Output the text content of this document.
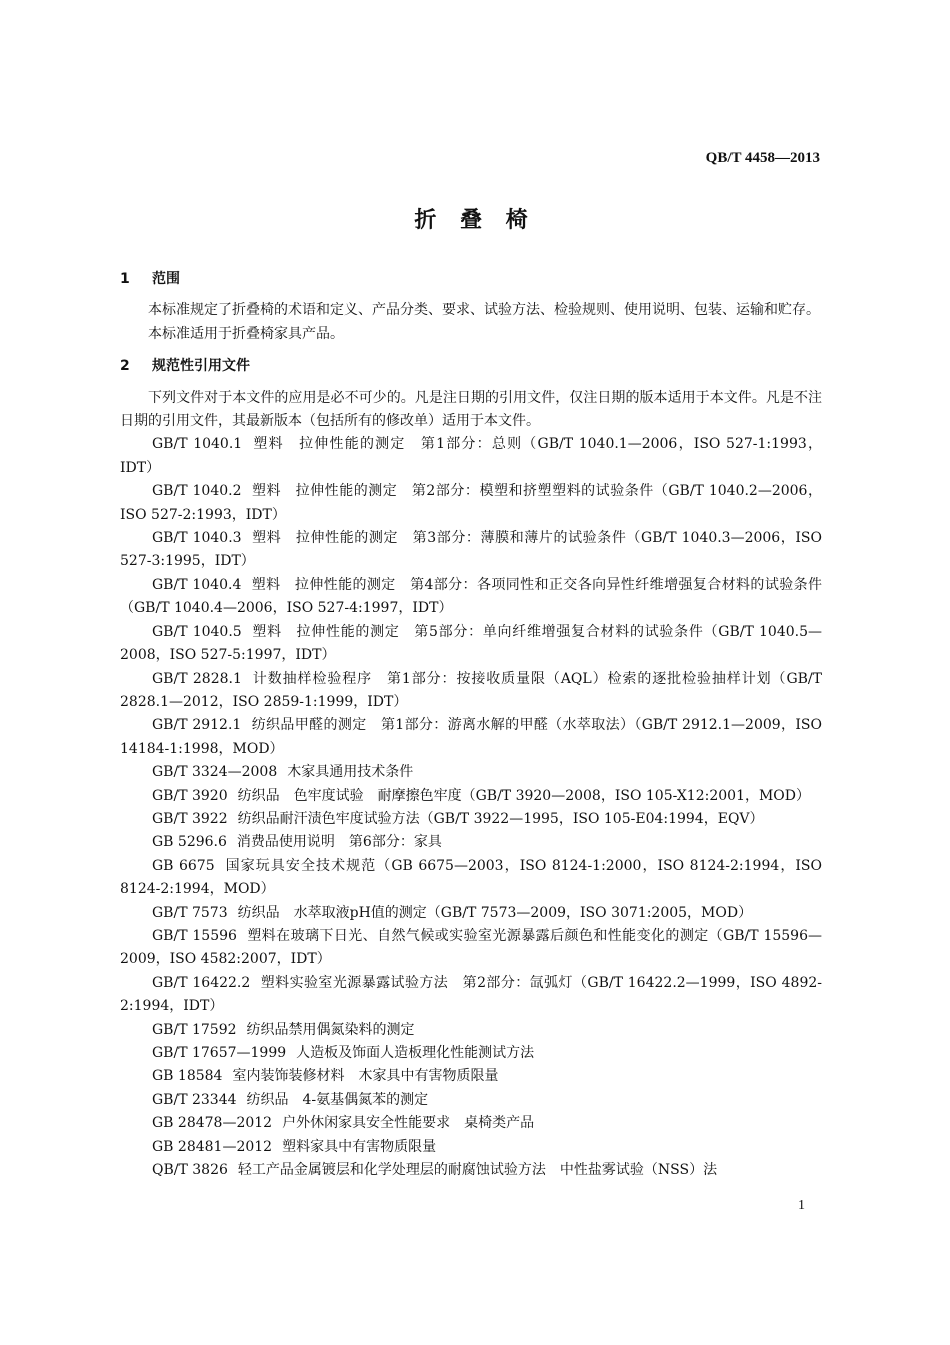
QB/T 4458—2013
折 叠 椅
1 范围

本标准规定了折叠椅的术语和定义、产品分类、要求、试验方法、检验规则、使用说明、包装、运输和贮存。

本标准适用于折叠椅家具产品。

2 规范性引用文件

下列文件对于本文件的应用是必不可少的。凡是注日期的引用文件，仅注日期的版本适用于本文件。凡是不注日期的引用文件，其最新版本（包括所有的修改单）适用于本文件。

GB/T 1040.1 塑料　拉伸性能的测定　第1部分：总则（GB/T 1040.1—2006，ISO 527-1:1993，IDT）
GB/T 1040.2 塑料　拉伸性能的测定　第2部分：模塑和挤塑塑料的试验条件（GB/T 1040.2—2006，ISO 527-2:1993，IDT）
GB/T 1040.3 塑料　拉伸性能的测定　第3部分：薄膜和薄片的试验条件（GB/T 1040.3—2006，ISO 527-3:1995，IDT）
GB/T 1040.4 塑料　拉伸性能的测定　第4部分：各项同性和正交各向异性纤维增强复合材料的试验条件（GB/T 1040.4—2006，ISO 527-4:1997，IDT）
GB/T 1040.5 塑料　拉伸性能的测定　第5部分：单向纤维增强复合材料的试验条件（GB/T 1040.5—2008，ISO 527-5:1997，IDT）
GB/T 2828.1 计数抽样检验程序　第1部分：按接收质量限（AQL）检索的逐批检验抽样计划（GB/T 2828.1—2012，ISO 2859-1:1999，IDT）
GB/T 2912.1 纺织品甲醛的测定　第1部分：游离水解的甲醛（水萃取法）（GB/T 2912.1—2009，ISO 14184-1:1998，MOD）
GB/T 3324—2008 木家具通用技术条件
GB/T 3920 纺织品　色牢度试验　耐摩擦色牢度（GB/T 3920—2008，ISO 105-X12:2001，MOD）
GB/T 3922 纺织品耐汗渍色牢度试验方法（GB/T 3922—1995，ISO 105-E04:1994，EQV）
GB 5296.6 消费品使用说明　第6部分：家具
GB 6675 国家玩具安全技术规范（GB 6675—2003，ISO 8124-1:2000，ISO 8124-2:1994，ISO 8124-2:1994，MOD）
GB/T 7573 纺织品　水萃取液pH值的测定（GB/T 7573—2009，ISO 3071:2005，MOD）
GB/T 15596 塑料在玻璃下日光、自然气候或实验室光源暴露后颜色和性能变化的测定（GB/T 15596—2009，ISO 4582:2007，IDT）
GB/T 16422.2 塑料实验室光源暴露试验方法　第2部分：氙弧灯（GB/T 16422.2—1999，ISO 4892-2:1994，IDT）
GB/T 17592 纺织品禁用偶氮染料的测定
GB/T 17657—1999 人造板及饰面人造板理化性能测试方法
GB 18584 室内装饰装修材料　木家具中有害物质限量
GB/T 23344 纺织品　4-氨基偶氮苯的测定
GB 28478—2012 户外休闲家具安全性能要求　桌椅类产品
GB 28481—2012 塑料家具中有害物质限量
QB/T 3826 轻工产品金属镀层和化学处理层的耐腐蚀试验方法　中性盐雾试验（NSS）法
1
